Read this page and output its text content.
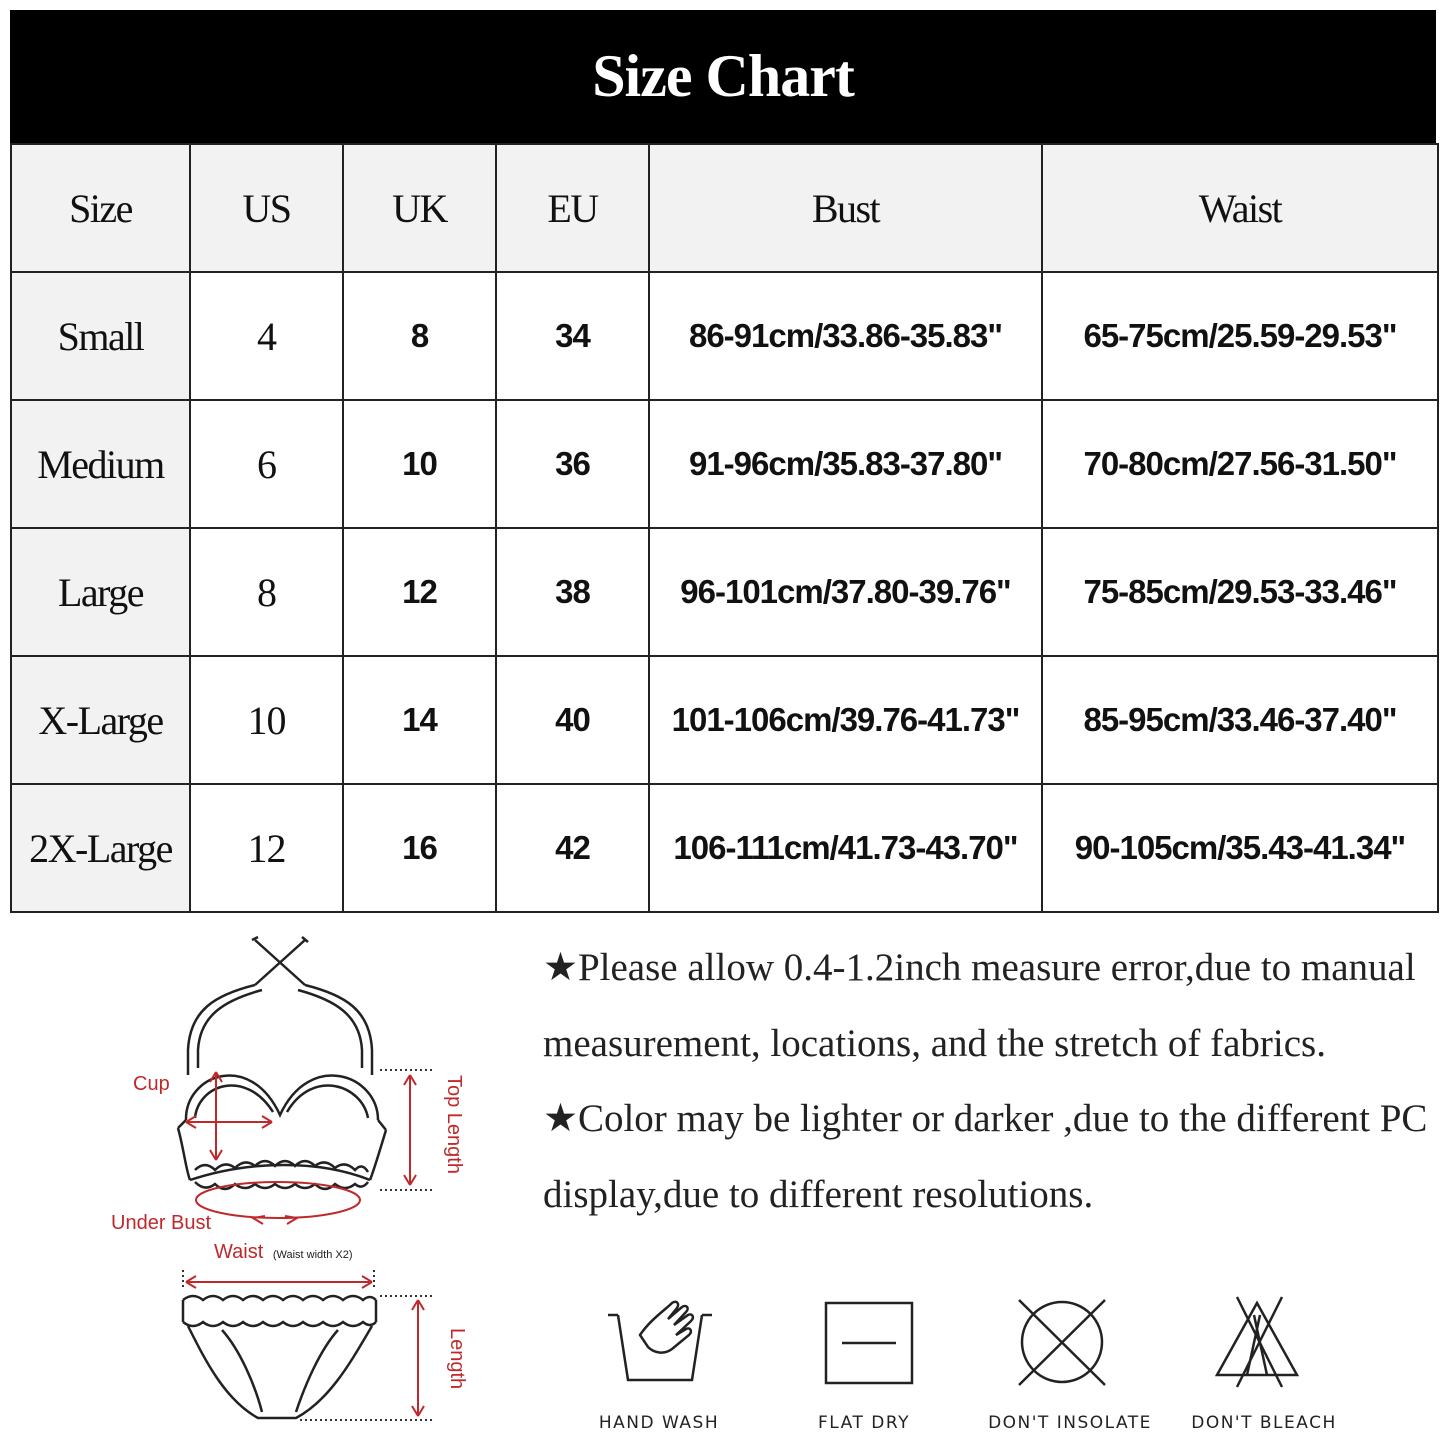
Size Chart
Size	US	UK	EU	Bust	Waist
Small	4	8	34	86-91cm/33.86-35.83"	65-75cm/25.59-29.53"
Medium	6	10	36	91-96cm/35.83-37.80"	70-80cm/27.56-31.50"
Large	8	12	38	96-101cm/37.80-39.76"	75-85cm/29.53-33.46"
X-Large	10	14	40	101-106cm/39.76-41.73"	85-95cm/33.46-37.40"
2X-Large	12	16	42	106-111cm/41.73-43.70"	90-105cm/35.43-41.34"
Cup
Under Bust
Waist (Waist width X2)
Top Length
Length

★Please allow 0.4-1.2inch measure error,due to manual measurement, locations, and the stretch of fabrics.

★Color may be lighter or darker ,due to the different PC display,due to different resolutions.

HAND WASH	FLAT DRY	DON'T INSOLATE DON'T BLEACH
